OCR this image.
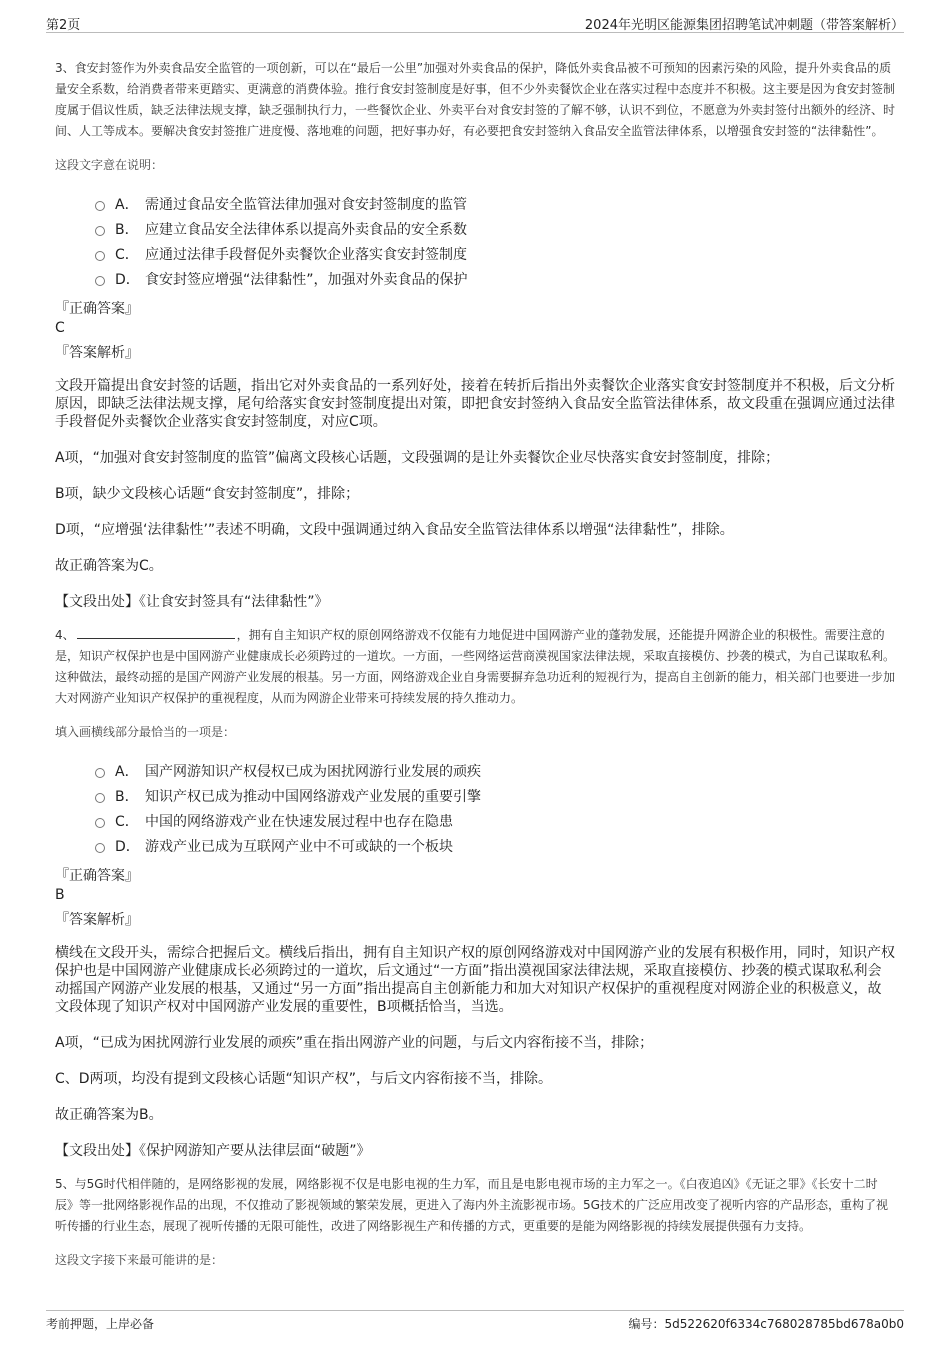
第2页	2024年光明区能源集团招聘笔试冲刺题（带答案解析）

3、食安封签作为外卖食品安全监管的一项创新，可以在“最后一公里”加强对外卖食品的保护，降低外卖食品被不可预知的因素污染的风险，提升外卖食品的质量安全系数，给消费者带来更踏实、更满意的消费体验。推行食安封签制度是好事，但不少外卖餐饮企业在落实过程中态度并不积极。这主要是因为食安封签制度属于倡议性质，缺乏法律法规支撑，缺乏强制执行力，一些餐饮企业、外卖平台对食安封签的了解不够，认识不到位，不愿意为外卖封签付出额外的经济、时间、人工等成本。要解决食安封签推广进度慢、落地难的问题，把好事办好，有必要把食安封签纳入食品安全监管法律体系，以增强食安封签的“法律黏性”。

这段文字意在说明：
A． 需通过食品安全监管法律加强对食安封签制度的监管
B． 应建立食品安全法律体系以提高外卖食品的安全系数
C． 应通过法律手段督促外卖餐饮企业落实食安封签制度
D． 食安封签应增强“法律黏性”，加强对外卖食品的保护
『正确答案』
C
『答案解析』

文段开篇提出食安封签的话题，指出它对外卖食品的一系列好处，接着在转折后指出外卖餐饮企业落实食安封签制度并不积极，后文分析原因，即缺乏法律法规支撑，尾句给落实食安封签制度提出对策，即把食安封签纳入食品安全监管法律体系，故文段重在强调应通过法律手段督促外卖餐饮企业落实食安封签制度，对应C项。

A项，“加强对食安封签制度的监管”偏离文段核心话题，文段强调的是让外卖餐饮企业尽快落实食安封签制度，排除；

B项，缺少文段核心话题“食安封签制度”，排除；

D项，“应增强‘法律黏性’”表述不明确，文段中强调通过纳入食品安全监管法律体系以增强“法律黏性”，排除。

故正确答案为C。

【文段出处】《让食安封签具有“法律黏性”》

4、	，拥有自主知识产权的原创网络游戏不仅能有力地促进中国网游产业的蓬勃发展，还能提升网游企业的积极性。需要注意的是，知识产权保护也是中国网游产业健康成长必须跨过的一道坎。一方面，一些网络运营商漠视国家法律法规，采取直接模仿、抄袭的模式，为自己谋取私利。这种做法，最终动摇的是国产网游产业发展的根基。另一方面，网络游戏企业自身需要摒弃急功近利的短视行为，提高自主创新的能力，相关部门也要进一步加大对网游产业知识产权保护的重视程度，从而为网游企业带来可持续发展的持久推动力。

填入画横线部分最恰当的一项是：
A． 国产网游知识产权侵权已成为困扰网游行业发展的顽疾
B． 知识产权已成为推动中国网络游戏产业发展的重要引擎
C． 中国的网络游戏产业在快速发展过程中也存在隐患
D． 游戏产业已成为互联网产业中不可或缺的一个板块
『正确答案』
B
『答案解析』

横线在文段开头，需综合把握后文。横线后指出，拥有自主知识产权的原创网络游戏对中国网游产业的发展有积极作用，同时，知识产权保护也是中国网游产业健康成长必须跨过的一道坎，后文通过“一方面”指出漠视国家法律法规，采取直接模仿、抄袭的模式谋取私利会动摇国产网游产业发展的根基，又通过“另一方面”指出提高自主创新能力和加大对知识产权保护的重视程度对网游企业的积极意义，故文段体现了知识产权对中国网游产业发展的重要性，B项概括恰当，当选。

A项，“已成为困扰网游行业发展的顽疾”重在指出网游产业的问题，与后文内容衔接不当，排除；

C、D两项，均没有提到文段核心话题“知识产权”，与后文内容衔接不当，排除。

故正确答案为B。

【文段出处】《保护网游知产要从法律层面“破题”》

5、与5G时代相伴随的，是网络影视的发展，网络影视不仅是电影电视的生力军，而且是电影电视市场的主力军之一。《白夜追凶》《无证之罪》《长安十二时辰》等一批网络影视作品的出现，不仅推动了影视领域的繁荣发展，更进入了海内外主流影视市场。5G技术的广泛应用改变了视听内容的产品形态，重构了视听传播的行业生态，展现了视听传播的无限可能性，改进了网络影视生产和传播的方式，更重要的是能为网络影视的持续发展提供强有力支持。

这段文字接下来最可能讲的是：
考前押题，上岸必备	编号：5d522620f6334c768028785bd678a0b0
